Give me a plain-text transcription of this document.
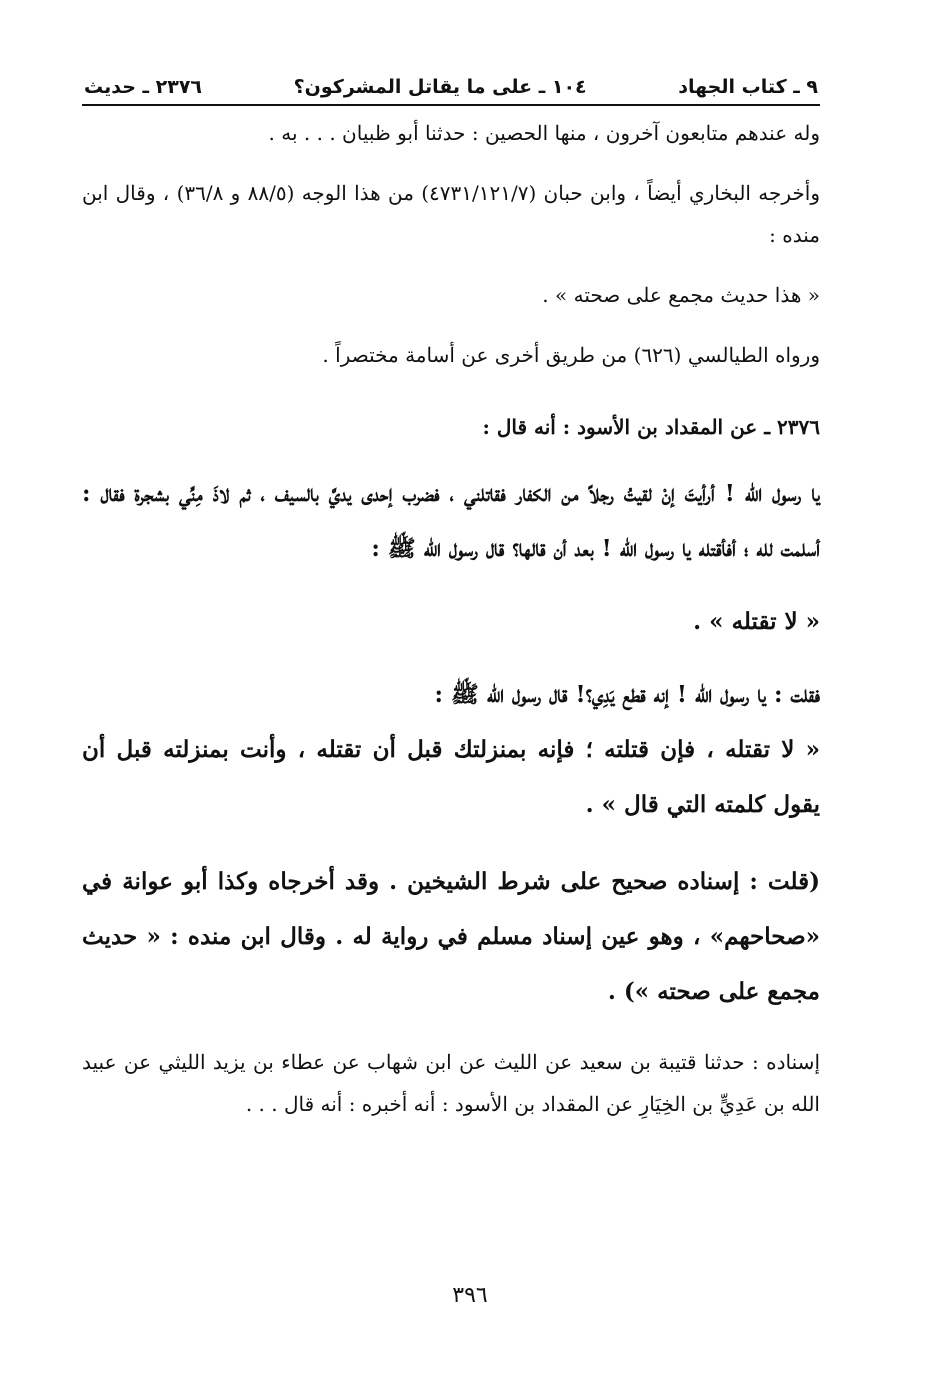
٩ ـ كتاب الجهاد
١٠٤ ـ على ما يقاتل المشركون؟
٢٣٧٦ ـ حديث

وله عندهم متابعون آخرون ، منها الحصين : حدثنا أبو ظبيان . . . به .

وأخرجه البخاري أيضاً ، وابن حبان (٤٧٣١/١٢١/٧) من هذا الوجه (٨٨/٥ و ٣٦/٨) ، وقال ابن منده :

« هذا حديث مجمع على صحته » .

ورواه الطيالسي (٦٢٦) من طريق أخرى عن أسامة مختصراً .

٢٣٧٦ ـ عن المقداد بن الأسود : أنه قال :

يا رسول الله ! أرأيتَ إنْ لقيتُ رجلاً من الكفار فقاتلني ، فضرب إحدى يديَّ بالسيف ، ثم لاذَ مِنِّي بشجرة فقال : أسلمت لله ؛ أفأقتله يا رسول الله ! بعد أن قالها؟ قال رسول الله ﷺ :

« لا تقتله » .

فقلت : يا رسول الله ! إنه قطع يَدِي؟! قال رسول الله ﷺ :

« لا تقتله ، فإن قتلته ؛ فإنه بمنزلتك قبل أن تقتله ، وأنت بمنزلته قبل أن يقول كلمته التي قال » .

(قلت : إسناده صحيح على شرط الشيخين . وقد أخرجاه وكذا أبو عوانة في «صحاحهم» ، وهو عين إسناد مسلم في رواية له . وقال ابن منده : « حديث مجمع على صحته ») .

إسناده : حدثنا قتيبة بن سعيد عن الليث عن ابن شهاب عن عطاء بن يزيد الليثي عن عبيد الله بن عَدِيٍّ بن الخِيَارِ عن المقداد بن الأسود : أنه أخبره : أنه قال . . .

٣٩٦
